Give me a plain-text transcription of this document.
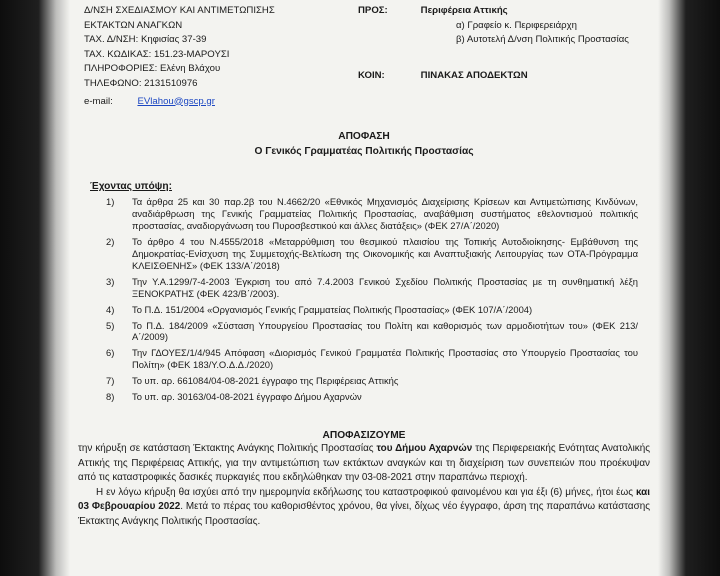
Δ/ΝΣΗ ΣΧΕΔΙΑΣΜΟΥ ΚΑΙ ΑΝΤΙΜΕΤΩΠΙΣΗΣ
ΕΚΤΑΚΤΩΝ ΑΝΑΓΚΩΝ
ΤΑΧ. Δ/ΝΣΗ: Κηφισίας 37-39
ΤΑΧ. ΚΩΔΙΚΑΣ: 151.23-ΜΑΡΟΥΣΙ
ΠΛΗΡΟΦΟΡΙΕΣ: Ελένη Βλάχου
ΤΗΛΕΦΩΝΟ: 2131510976
e-mail:	EVlahou@gscp.gr
ΠΡΟΣ:	Περιφέρεια Αττικής
α) Γραφείο κ. Περιφερειάρχη
β) Αυτοτελή Δ/νση Πολιτικής Προστασίας
ΚΟΙΝ:	ΠΙΝΑΚΑΣ ΑΠΟΔΕΚΤΩΝ
ΑΠΟΦΑΣΗ
Ο Γενικός Γραμματέας Πολιτικής Προστασίας
Έχοντας υπόψη:
1)	Τα άρθρα 25 και 30 παρ.2β του Ν.4662/20 «Εθνικός Μηχανισμός Διαχείρισης Κρίσεων και Αντιμετώπισης Κινδύνων, αναδιάρθρωση της Γενικής Γραμματείας Πολιτικής Προστασίας, αναβάθμιση συστήματος εθελοντισμού πολιτικής προστασίας, αναδιοργάνωση του Πυροσβεστικού και άλλες διατάξεις» (ΦΕΚ 27/Α΄/2020)
2)	Το άρθρο 4 του Ν.4555/2018 «Μεταρρύθμιση του θεσμικού πλαισίου της Τοπικής Αυτοδιοίκησης- Εμβάθυνση της Δημοκρατίας-Ενίσχυση της Συμμετοχής-Βελτίωση της Οικονομικής και Αναπτυξιακής Λειτουργίας των ΟΤΑ-Πρόγραμμα ΚΛΕΙΣΘΕΝΗΣ» (ΦΕΚ 133/Α΄/2018)
3)	Την Υ.Α.1299/7-4-2003 Έγκριση του από 7.4.2003 Γενικού Σχεδίου Πολιτικής Προστασίας με τη συνθηματική λέξη ΞΕΝΟΚΡΑΤΗΣ (ΦΕΚ 423/Β΄/2003).
4)	Το Π.Δ. 151/2004 «Οργανισμός Γενικής Γραμματείας Πολιτικής Προστασίας» (ΦΕΚ 107/Α΄/2004)
5)	Το Π.Δ. 184/2009 «Σύσταση Υπουργείου Προστασίας του Πολίτη και καθορισμός των αρμοδιοτήτων του» (ΦΕΚ 213/Α΄/2009)
6)	Την ΓΔΟΥΕΣ/1/4/945 Απόφαση «Διορισμός Γενικού Γραμματέα Πολιτικής Προστασίας στο Υπουργείο Προστασίας του Πολίτη» (ΦΕΚ 183/Υ.Ο.Δ.Δ./2020)
7)	Το υπ. αρ. 661084/04-08-2021 έγγραφο της Περιφέρειας Αττικής
8)	Το υπ. αρ. 30163/04-08-2021 έγγραφο Δήμου Αχαρνών
ΑΠΟΦΑΣΙΖΟΥΜΕ

την κήρυξη σε κατάσταση Έκτακτης Ανάγκης Πολιτικής Προστασίας του Δήμου Αχαρνών της Περιφερειακής Ενότητας Ανατολικής Αττικής της Περιφέρειας Αττικής, για την αντιμετώπιση των εκτάκτων αναγκών και τη διαχείριση των συνεπειών που προέκυψαν από τις καταστροφικές δασικές πυρκαγιές που εκδηλώθηκαν την 03-08-2021 στην παραπάνω περιοχή.

Η εν λόγω κήρυξη θα ισχύει από την ημερομηνία εκδήλωσης του καταστροφικού φαινομένου και για έξι (6) μήνες, ήτοι έως και 03 Φεβρουαρίου 2022. Μετά το πέρας του καθορισθέντος χρόνου, θα γίνει, δίχως νέο έγγραφο, άρση της παραπάνω κατάστασης Έκτακτης Ανάγκης Πολιτικής Προστασίας.
